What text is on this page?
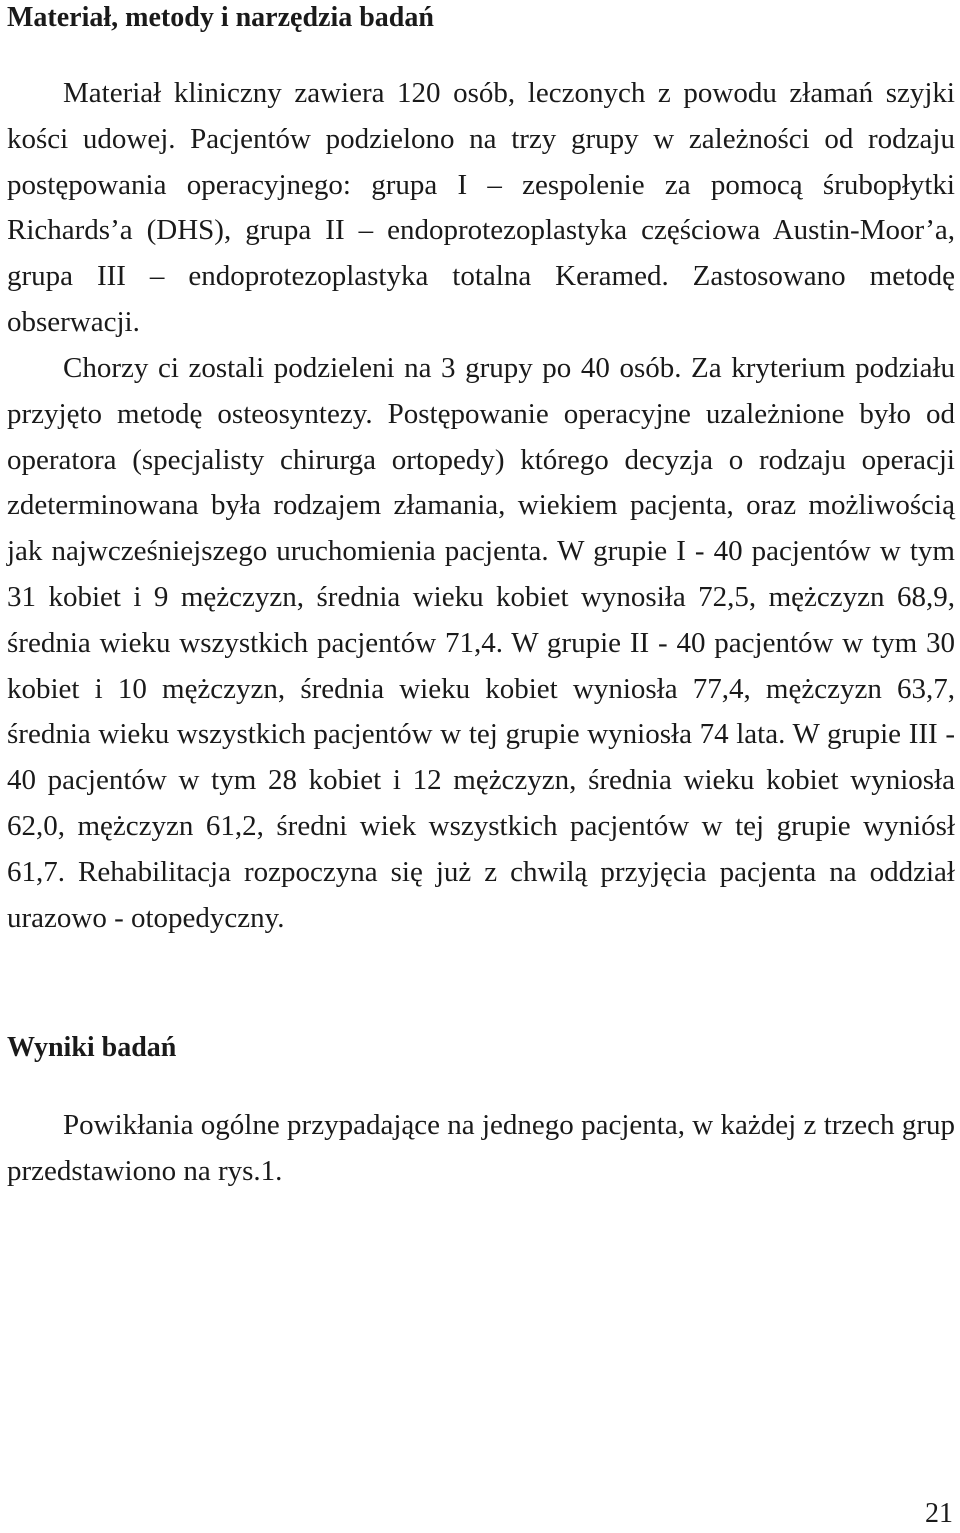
Materiał, metody i narzędzia badań

Materiał kliniczny zawiera 120 osób, leczonych z powodu złamań szyjki kości udowej. Pacjentów podzielono na trzy grupy w zależności od rodzaju postępowania operacyjnego: grupa I – zespolenie za pomocą śrubopłytki Richards’a (DHS), grupa II – endoprotezoplastyka częściowa Austin-Moor’a, grupa III – endoprotezoplastyka totalna Keramed. Zastosowano metodę obserwacji.

Chorzy ci zostali podzieleni na 3 grupy po 40 osób. Za kryterium podziału przyjęto metodę osteosyntezy. Postępowanie operacyjne uzależnione było od operatora (specjalisty chirurga ortopedy) którego decyzja o rodzaju operacji zdeterminowana była rodzajem złamania, wiekiem pacjenta, oraz możliwością jak najwcześniejszego uruchomienia pacjenta. W grupie I - 40 pacjentów w tym 31 kobiet i 9 mężczyzn, średnia wieku kobiet wynosiła 72,5, mężczyzn 68,9, średnia wieku wszystkich pacjentów 71,4. W grupie II - 40 pacjentów w tym 30 kobiet i 10 mężczyzn, średnia wieku kobiet wyniosła 77,4, mężczyzn 63,7, średnia wieku wszystkich pacjentów w tej grupie wyniosła 74 lata. W grupie III - 40 pacjentów w tym 28 kobiet i 12 mężczyzn, średnia wieku kobiet wyniosła 62,0, mężczyzn 61,2, średni wiek wszystkich pacjentów w tej grupie wyniósł 61,7. Rehabilitacja rozpoczyna się już z chwilą przyjęcia pacjenta na oddział urazowo - otopedyczny.

Wyniki badań

Powikłania ogólne przypadające na jednego pacjenta, w każdej z trzech grup przedstawiono na rys.1.

21
